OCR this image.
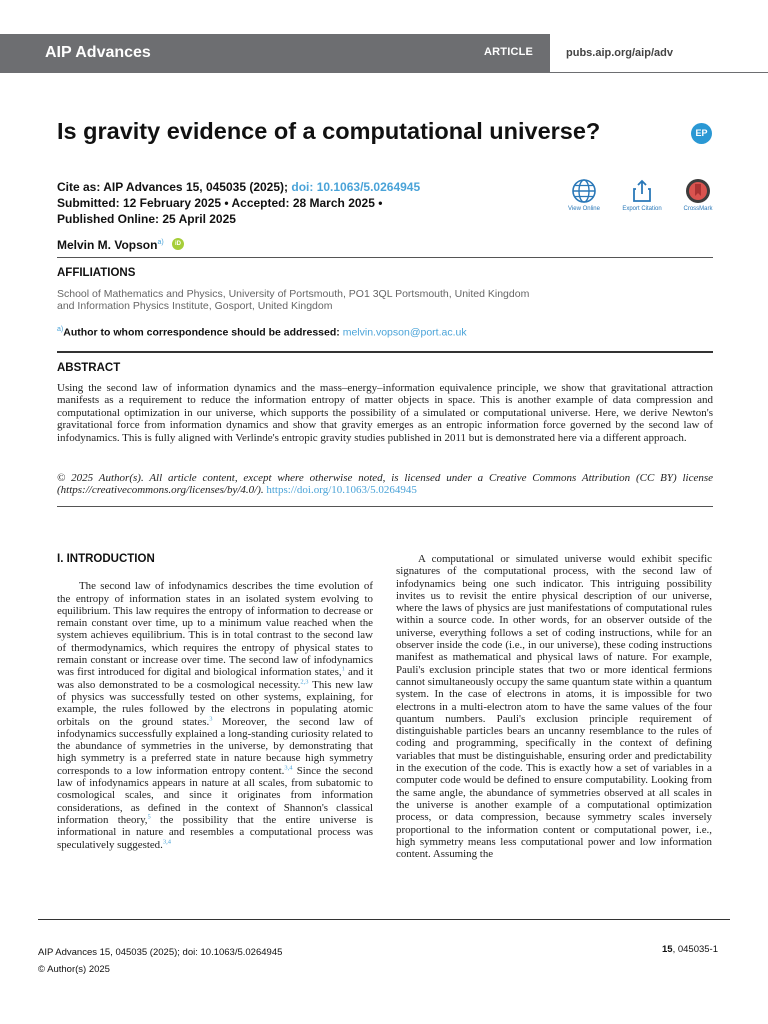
AIP Advances	ARTICLE	pubs.aip.org/aip/adv
Is gravity evidence of a computational universe?	EP
Cite as: AIP Advances 15, 045035 (2025); doi: 10.1063/5.0264945
Submitted: 12 February 2025 • Accepted: 28 March 2025 •
Published Online: 25 April 2025
View Online	Export Citation	CrossMark
Melvin M. Vopson$^{a)}$	iD
AFFILIATIONS
School of Mathematics and Physics, University of Portsmouth, PO1 3QL Portsmouth, United Kingdom
and Information Physics Institute, Gosport, United Kingdom
$^{a)}$Author to whom correspondence should be addressed: melvin.vopson@port.ac.uk
ABSTRACT
Using the second law of information dynamics and the mass–energy–information equivalence principle, we show that gravitational attraction manifests as a requirement to reduce the information entropy of matter objects in space. This is another example of data compression and computational optimization in our universe, which supports the possibility of a simulated or computational universe. Here, we derive Newton's gravitational force from information dynamics and show that gravity emerges as an entropic information force governed by the second law of infodynamics. This is fully aligned with Verlinde's entropic gravity studies published in 2011 but is demonstrated here via a different approach.
© 2025 Author(s). All article content, except where otherwise noted, is licensed under a Creative Commons Attribution (CC BY) license (https://creativecommons.org/licenses/by/4.0/). https://doi.org/10.1063/5.0264945
I. INTRODUCTION

The second law of infodynamics describes the time evolution of the entropy of information states in an isolated system evolving to equilibrium. This law requires the entropy of information to decrease or remain constant over time, up to a minimum value reached when the system achieves equilibrium. This is in total contrast to the second law of thermodynamics, which requires the entropy of physical states to remain constant or increase over time. The second law of infodynamics was first introduced for digital and biological information states,$^1$ and it was also demonstrated to be a cosmological necessity.$^{2,3}$ This new law of physics was successfully tested on other systems, explaining, for example, the rules followed by the electrons in populating atomic orbitals on the ground states.$^3$ Moreover, the second law of infodynamics successfully explained a long-standing curiosity related to the abundance of symmetries in the universe, by demonstrating that high symmetry is a preferred state in nature because high symmetry corresponds to a low information entropy content.$^{3,4}$ Since the second law of infodynamics appears in nature at all scales, from subatomic to cosmological scales, and since it originates from information considerations, as defined in the context of Shannon's classical information theory,$^5$ the possibility that the entire universe is informational in nature and resembles a computational process was speculatively suggested.$^{3,4}$

A computational or simulated universe would exhibit specific signatures of the computational process, with the second law of infodynamics being one such indicator. This intriguing possibility invites us to revisit the entire physical description of our universe, where the laws of physics are just manifestations of computational rules within a source code. In other words, for an observer outside of the universe, everything follows a set of coding instructions, while for an observer inside the code (i.e., in our universe), these coding instructions manifest as mathematical and physical laws of nature. For example, Pauli's exclusion principle states that two or more identical fermions cannot simultaneously occupy the same quantum state within a quantum system. In the case of electrons in atoms, it is impossible for two electrons in a multi-electron atom to have the same values of the four quantum numbers. Pauli's exclusion principle requirement of distinguishable particles bears an uncanny resemblance to the rules of coding and programming, specifically in the context of defining variables that must be distinguishable, ensuring order and predictability in the execution of the code. This is exactly how a set of variables in a computer code would be defined to ensure computability. Looking from the same angle, the abundance of symmetries observed at all scales in the universe is another example of a computational optimization process, or data compression, because symmetry scales inversely proportional to the information content or computational power, i.e., high symmetry means less computational power and low information content. Assuming the

AIP Advances 15, 045035 (2025); doi: 10.1063/5.0264945
© Author(s) 2025
15, 045035-1
